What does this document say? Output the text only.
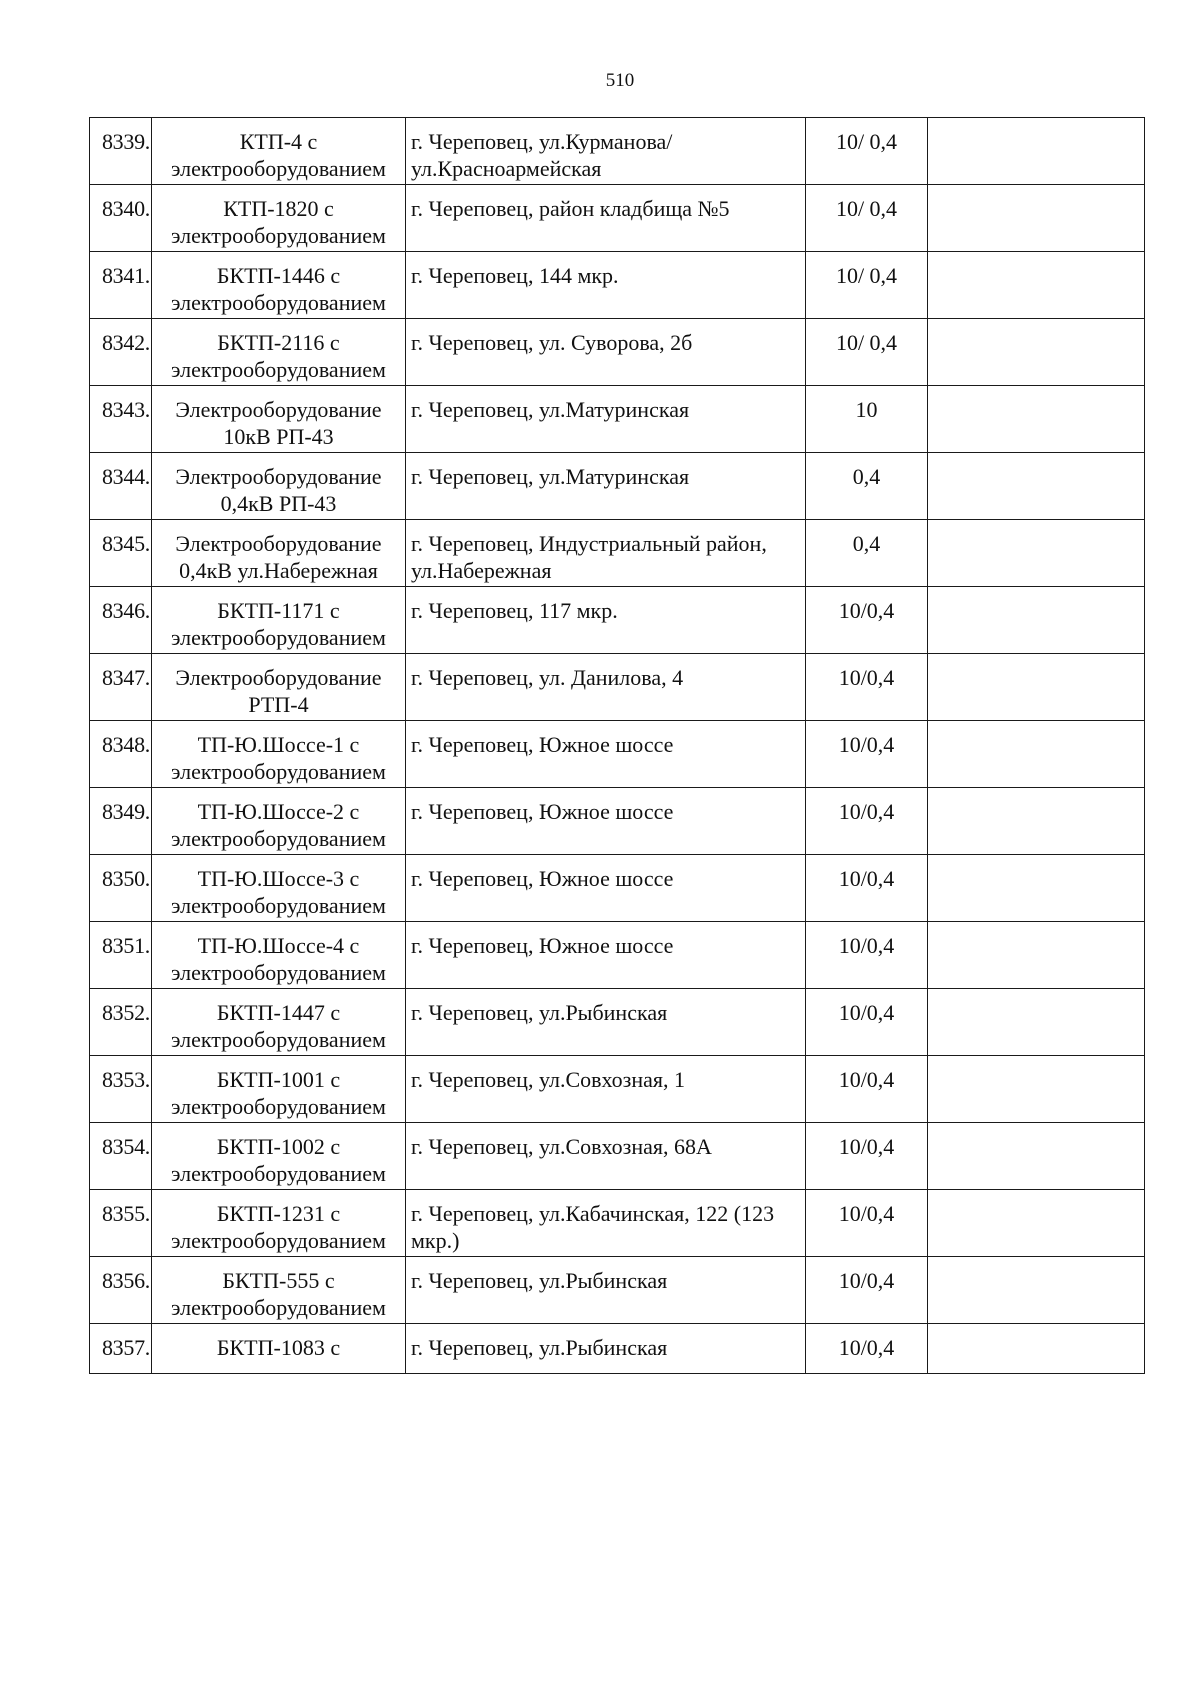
510
8339.	КТП-4 с электрооборудованием	г. Череповец, ул.Курманова/ул.Красноармейская	10/ 0,4	
8340.	КТП-1820 с электрооборудованием	г. Череповец, район кладбища №5	10/ 0,4	
8341.	БКТП-1446 с электрооборудованием	г. Череповец, 144 мкр.	10/ 0,4	
8342.	БКТП-2116 с электрооборудованием	г. Череповец, ул. Суворова, 2б	10/ 0,4	
8343.	Электрооборудование 10кВ РП-43	г. Череповец, ул.Матуринская	10	
8344.	Электрооборудование 0,4кВ РП-43	г. Череповец, ул.Матуринская	0,4	
8345.	Электрооборудование 0,4кВ ул.Набережная	г. Череповец, Индустриальный район, ул.Набережная	0,4	
8346.	БКТП-1171 с электрооборудованием	г. Череповец, 117 мкр.	10/0,4	
8347.	Электрооборудование РТП-4	г. Череповец, ул. Данилова, 4	10/0,4	
8348.	ТП-Ю.Шоссе-1 с электрооборудованием	г. Череповец, Южное шоссе	10/0,4	
8349.	ТП-Ю.Шоссе-2 с электрооборудованием	г. Череповец, Южное шоссе	10/0,4	
8350.	ТП-Ю.Шоссе-3 с электрооборудованием	г. Череповец, Южное шоссе	10/0,4	
8351.	ТП-Ю.Шоссе-4 с электрооборудованием	г. Череповец, Южное шоссе	10/0,4	
8352.	БКТП-1447 с электрооборудованием	г. Череповец, ул.Рыбинская	10/0,4	
8353.	БКТП-1001 с электрооборудованием	г. Череповец, ул.Совхозная, 1	10/0,4	
8354.	БКТП-1002 с электрооборудованием	г. Череповец, ул.Совхозная, 68А	10/0,4	
8355.	БКТП-1231 с электрооборудованием	г. Череповец, ул.Кабачинская, 122 (123 мкр.)	10/0,4	
8356.	БКТП-555 с электрооборудованием	г. Череповец, ул.Рыбинская	10/0,4	
8357.	БКТП-1083 с	г. Череповец, ул.Рыбинская	10/0,4	
